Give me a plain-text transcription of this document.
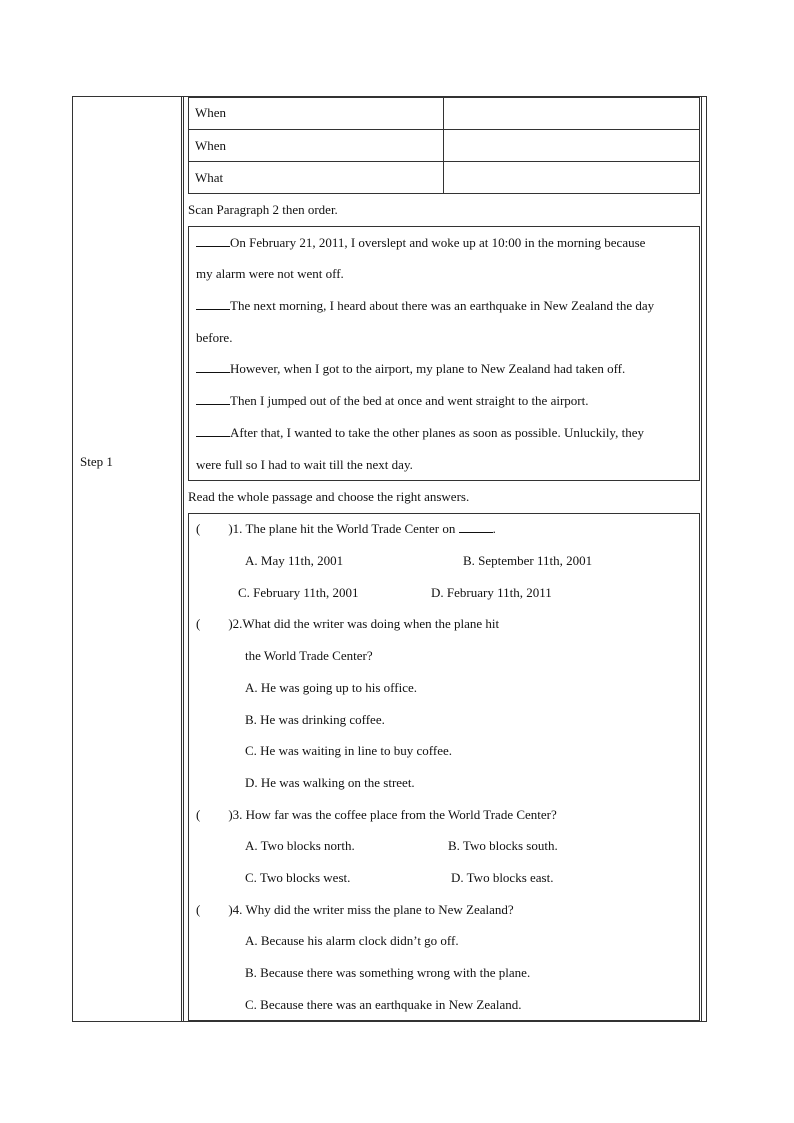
Step 1
When
When
What
Scan Paragraph 2 then order.
On February 21, 2011, I overslept and woke up at 10:00 in the morning because
my alarm were not went off.
The next morning, I heard about there was an earthquake in New Zealand the day
before.
However, when I got to the airport, my plane to New Zealand had taken off.
Then I jumped out of the bed at once and went straight to the airport.
After that, I wanted to take the other planes as soon as possible. Unluckily, they
were full so I had to wait till the next day.
Read the whole passage and choose the right answers.
( )1. The plane hit the World Trade Center on	.
A. May 11th, 2001	B. September 11th, 2001
C. February 11th, 2001	D. February 11th, 2011
( )2.What did the writer was doing when the plane hit
the World Trade Center?
A. He was going up to his office.
B. He was drinking coffee.
C. He was waiting in line to buy coffee.
D. He was walking on the street.
( )3. How far was the coffee place from the World Trade Center?
A. Two blocks north.	B. Two blocks south.
C. Two blocks west.	D. Two blocks east.
( )4. Why did the writer miss the plane to New Zealand?
A. Because his alarm clock didn’t go off.
B. Because there was something wrong with the plane.
C. Because there was an earthquake in New Zealand.
